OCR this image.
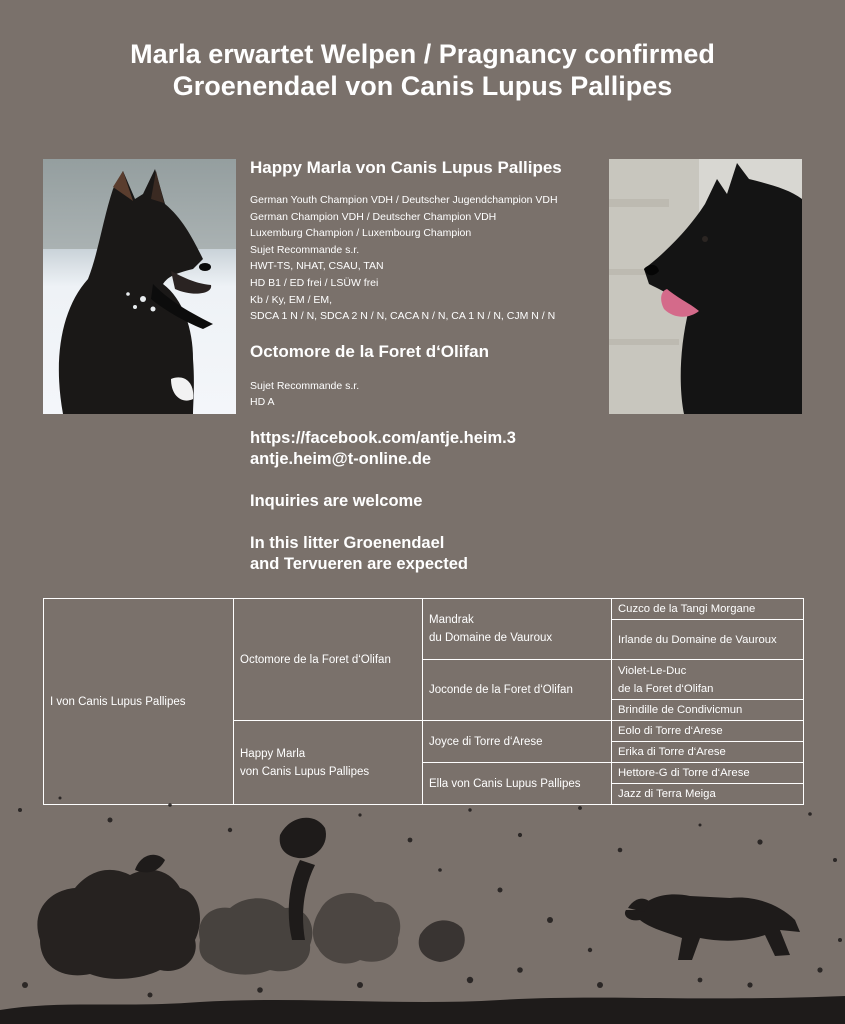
Marla erwartet Welpen / Pragnancy confirmed
Groenendael von Canis Lupus Pallipes

Happy Marla von Canis Lupus Pallipes

German Youth Champion VDH / Deutscher Jugendchampion VDH
German Champion VDH / Deutscher Champion VDH
Luxemburg Champion / Luxembourg Champion
Sujet Recommande s.r.
HWT-TS, NHAT, CSAU, TAN
HD B1 / ED frei / LSÜW frei
Kb / Ky, EM / EM,
SDCA 1 N / N, SDCA 2 N / N, CACA N / N, CA 1 N / N, CJM N / N

Octomore de la Foret d‘Olifan

Sujet Recommande s.r.
HD A

https://facebook.com/antje.heim.3

antje.heim@t-online.de

Inquiries are welcome

In this litter Groenendael

and Tervueren are expected

I von Canis Lupus Pallipes	Octomore de la Foret d‘Olifan	Mandrak
du Domaine de Vauroux	Cuzco de la Tangi Morgane
			Irlande du Domaine de Vauroux

		Joconde de la Foret d‘Olifan	Violet-Le-Duc
de la Foret d‘Olifan

			Brindille de Condivicmun
	Happy Marla
von Canis Lupus Pallipes	Joyce di Torre d‘Arese	Eolo di Torre d‘Arese
			Erika di Torre d‘Arese
		Ella von Canis Lupus Pallipes	Hettore-G di Torre d‘Arese
			Jazz di Terra Meiga
